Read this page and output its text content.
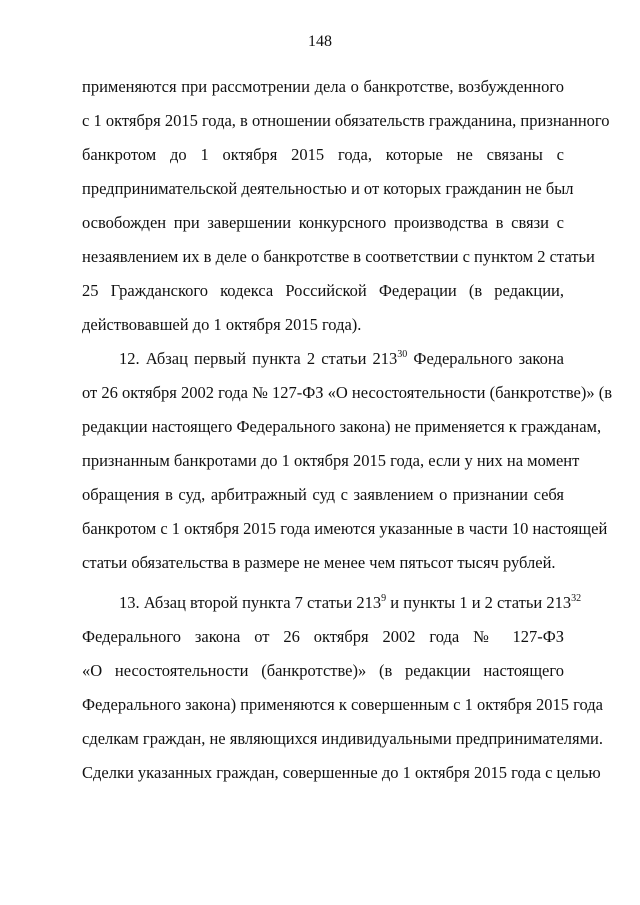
148
применяются при рассмотрении дела о банкротстве, возбужденного
с 1 октября 2015 года, в отношении обязательств гражданина, признанного
банкротом до 1 октября 2015 года, которые не связаны с
предпринимательской деятельностью и от которых гражданин не был
освобожден при завершении конкурсного производства в связи с
незаявлением их в деле о банкротстве в соответствии с пунктом 2 статьи
25 Гражданского кодекса Российской Федерации (в редакции,
действовавшей до 1 октября 2015 года).
12. Абзац первый пункта 2 статьи $213^{30}$ Федерального закона
от 26 октября 2002 года № 127-ФЗ «О несостоятельности (банкротстве)» (в
редакции настоящего Федерального закона) не применяется к гражданам,
признанным банкротами до 1 октября 2015 года, если у них на момент
обращения в суд, арбитражный суд с заявлением о признании себя
банкротом с 1 октября 2015 года имеются указанные в части 10 настоящей
статьи обязательства в размере не менее чем пятьсот тысяч рублей.
13. Абзац второй пункта 7 статьи $213^9$ и пункты 1 и 2 статьи $213^{32}$
Федерального закона от 26 октября 2002 года № 127-ФЗ
«О несостоятельности (банкротстве)» (в редакции настоящего
Федерального закона) применяются к совершенным с 1 октября 2015 года
сделкам граждан, не являющихся индивидуальными предпринимателями.
Сделки указанных граждан, совершенные до 1 октября 2015 года с целью
